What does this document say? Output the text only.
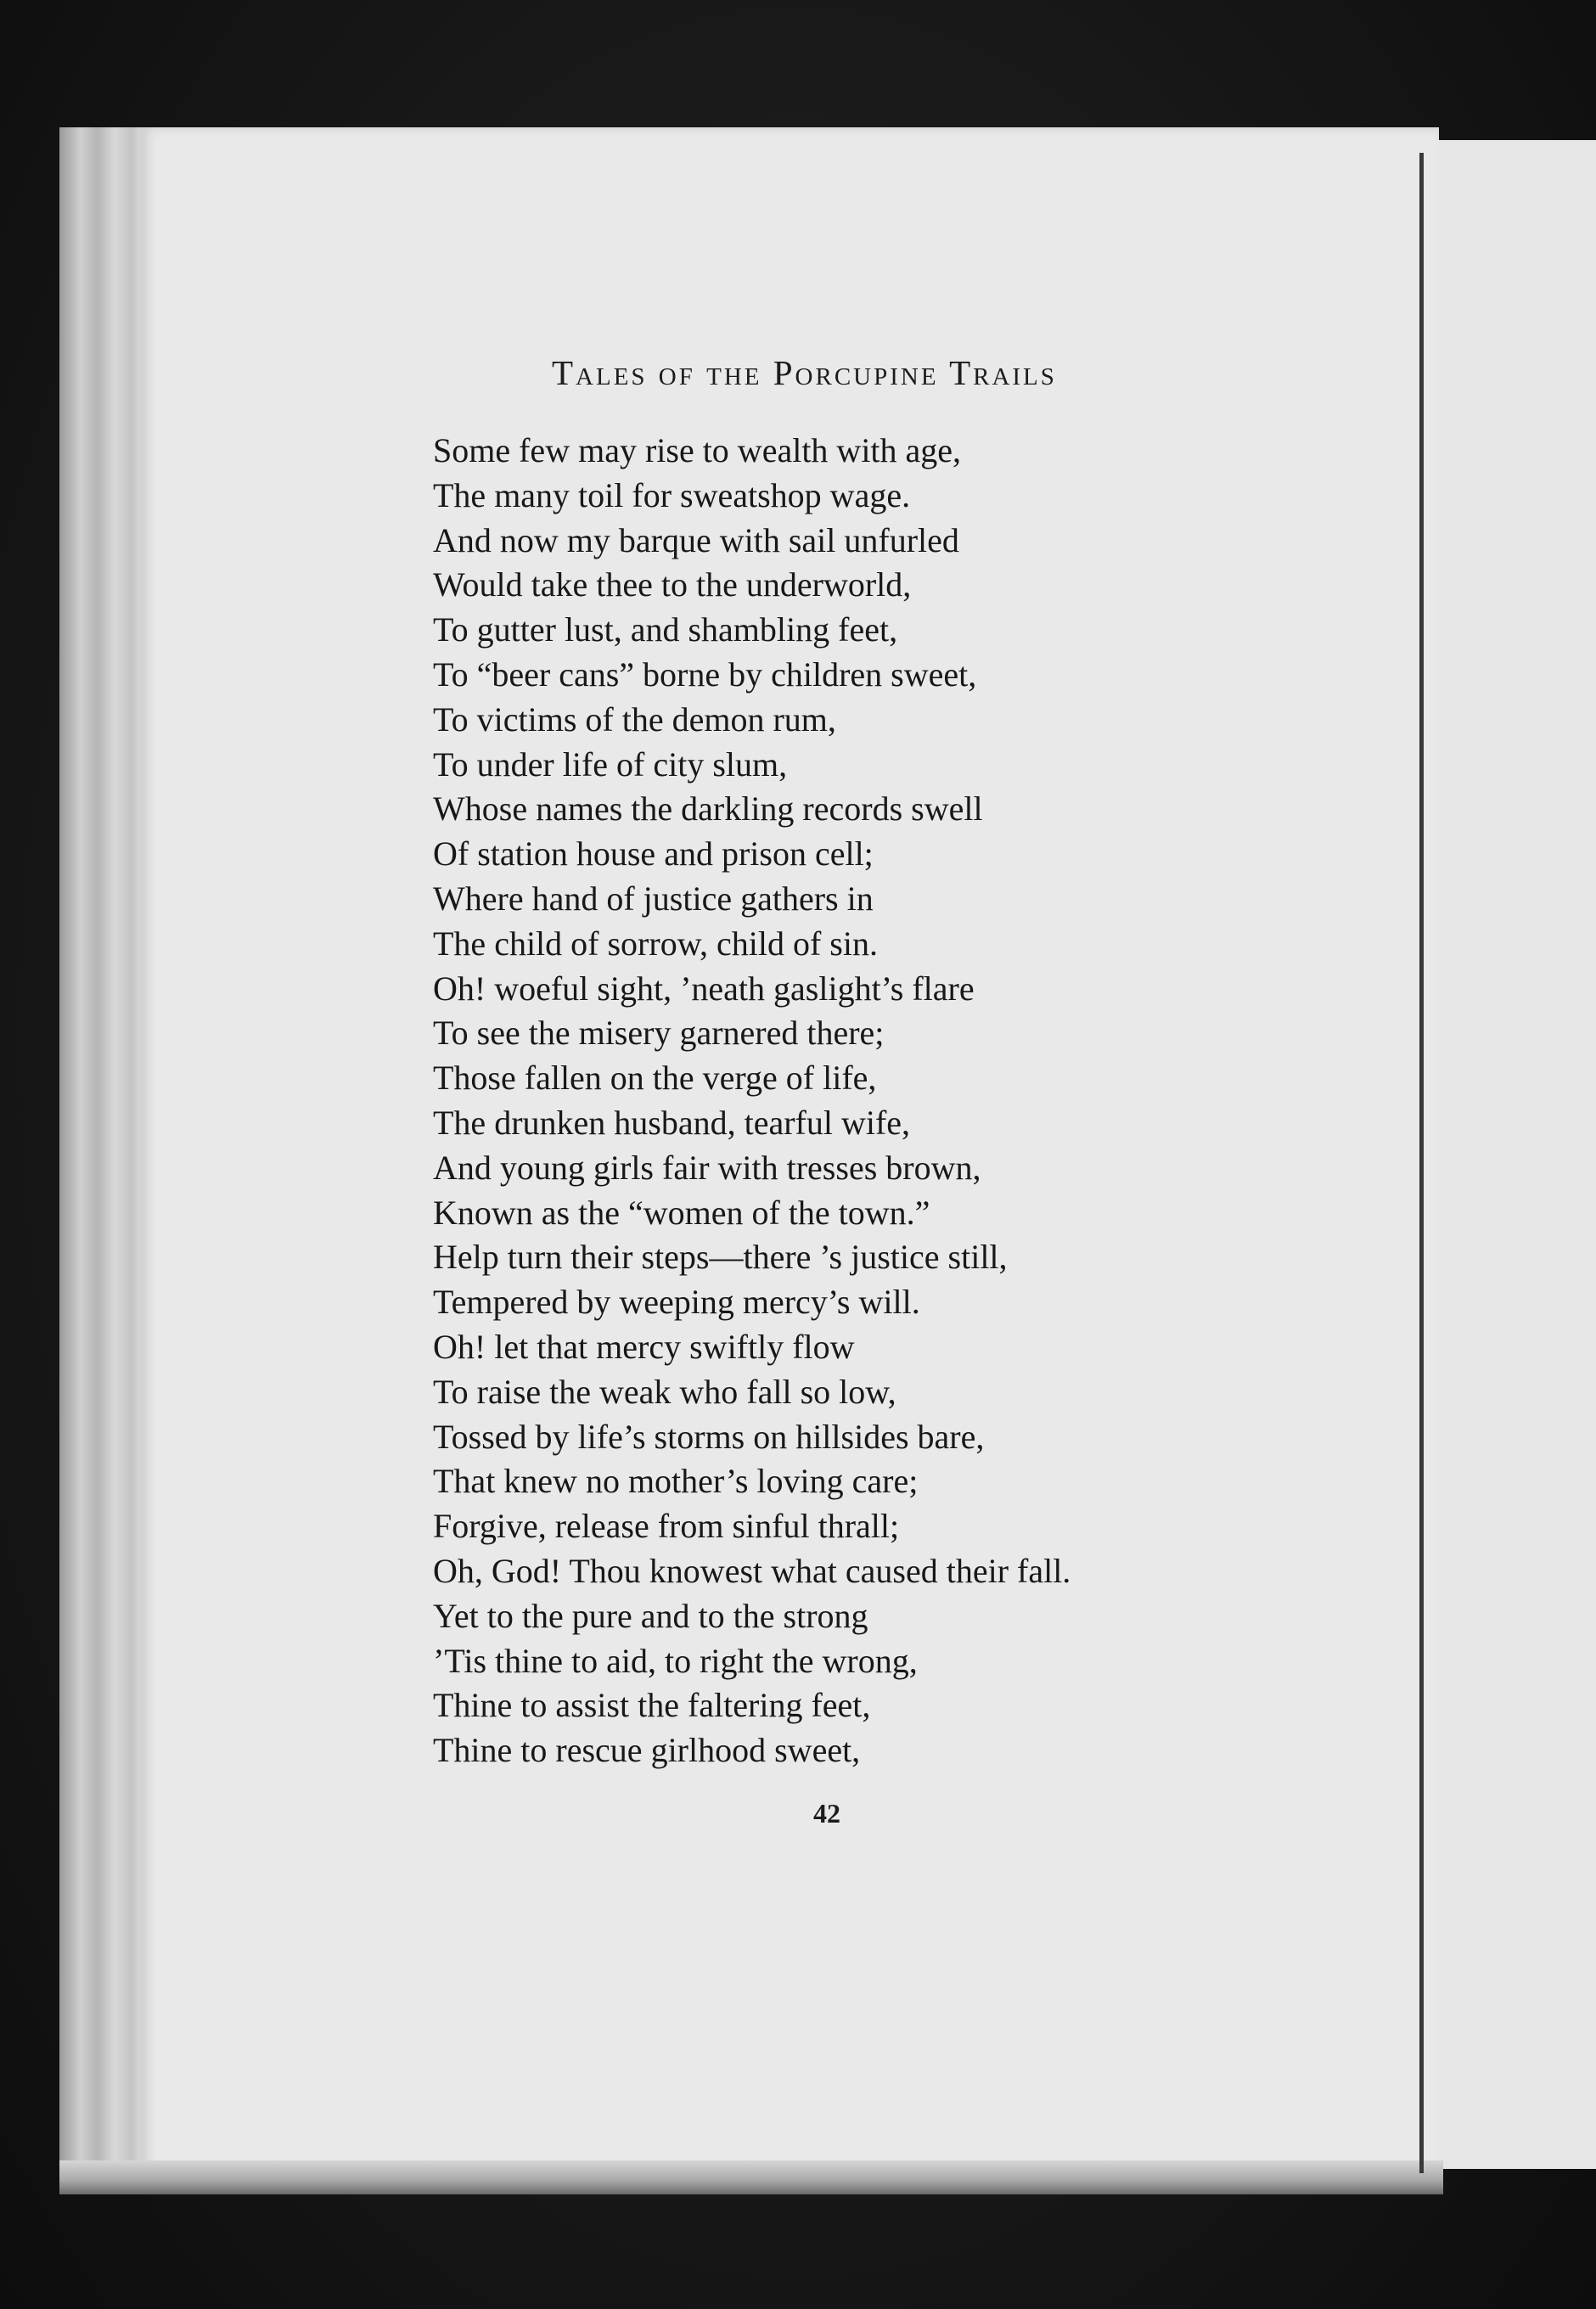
Tales of the Porcupine Trails
Some few may rise to wealth with age,
The many toil for sweatshop wage.
And now my barque with sail unfurled
Would take thee to the underworld,
To gutter lust, and shambling feet,
To “beer cans” borne by children sweet,
To victims of the demon rum,
To under life of city slum,
Whose names the darkling records swell
Of station house and prison cell;
Where hand of justice gathers in
The child of sorrow, child of sin.
Oh! woeful sight, ’neath gaslight’s flare
To see the misery garnered there;
Those fallen on the verge of life,
The drunken husband, tearful wife,
And young girls fair with tresses brown,
Known as the “women of the town.”
Help turn their steps—there ’s justice still,
Tempered by weeping mercy’s will.
Oh! let that mercy swiftly flow
To raise the weak who fall so low,
Tossed by life’s storms on hillsides bare,
That knew no mother’s loving care;
Forgive, release from sinful thrall;
Oh, God! Thou knowest what caused their fall.
Yet to the pure and to the strong
’Tis thine to aid, to right the wrong,
Thine to assist the faltering feet,
Thine to rescue girlhood sweet,
42
